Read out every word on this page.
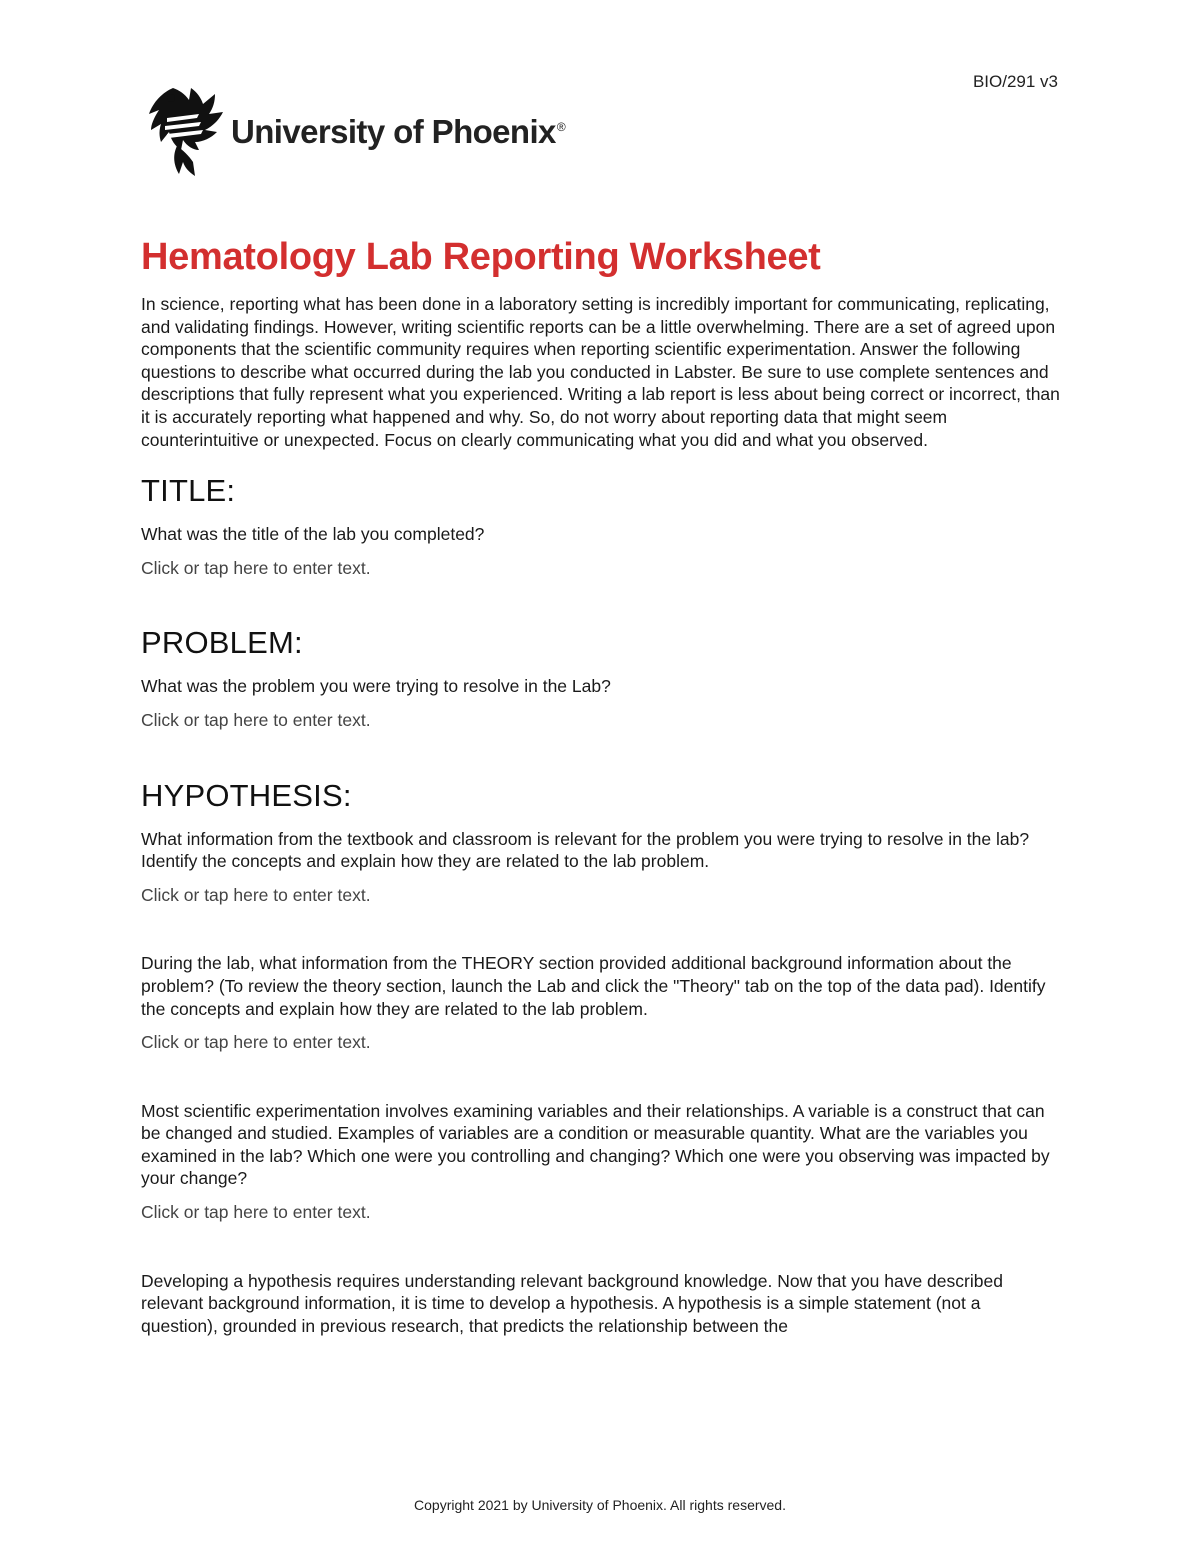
BIO/291 v3
University of Phoenix®
Hematology Lab Reporting Worksheet

In science, reporting what has been done in a laboratory setting is incredibly important for communicating, replicating, and validating findings. However, writing scientific reports can be a little overwhelming. There are a set of agreed upon components that the scientific community requires when reporting scientific experimentation. Answer the following questions to describe what occurred during the lab you conducted in Labster. Be sure to use complete sentences and descriptions that fully represent what you experienced. Writing a lab report is less about being correct or incorrect, than it is accurately reporting what happened and why. So, do not worry about reporting data that might seem counterintuitive or unexpected. Focus on clearly communicating what you did and what you observed.

TITLE:

What was the title of the lab you completed?

Click or tap here to enter text.
PROBLEM:

What was the problem you were trying to resolve in the Lab?

Click or tap here to enter text.
HYPOTHESIS:

What information from the textbook and classroom is relevant for the problem you were trying to resolve in the lab? Identify the concepts and explain how they are related to the lab problem.

Click or tap here to enter text.

During the lab, what information from the THEORY section provided additional background information about the problem? (To review the theory section, launch the Lab and click the "Theory" tab on the top of the data pad). Identify the concepts and explain how they are related to the lab problem.

Click or tap here to enter text.

Most scientific experimentation involves examining variables and their relationships. A variable is a construct that can be changed and studied. Examples of variables are a condition or measurable quantity. What are the variables you examined in the lab? Which one were you controlling and changing? Which one were you observing was impacted by your change?

Click or tap here to enter text.

Developing a hypothesis requires understanding relevant background knowledge. Now that you have described relevant background information, it is time to develop a hypothesis. A hypothesis is a simple statement (not a question), grounded in previous research, that predicts the relationship between the

Copyright 2021 by University of Phoenix. All rights reserved.
